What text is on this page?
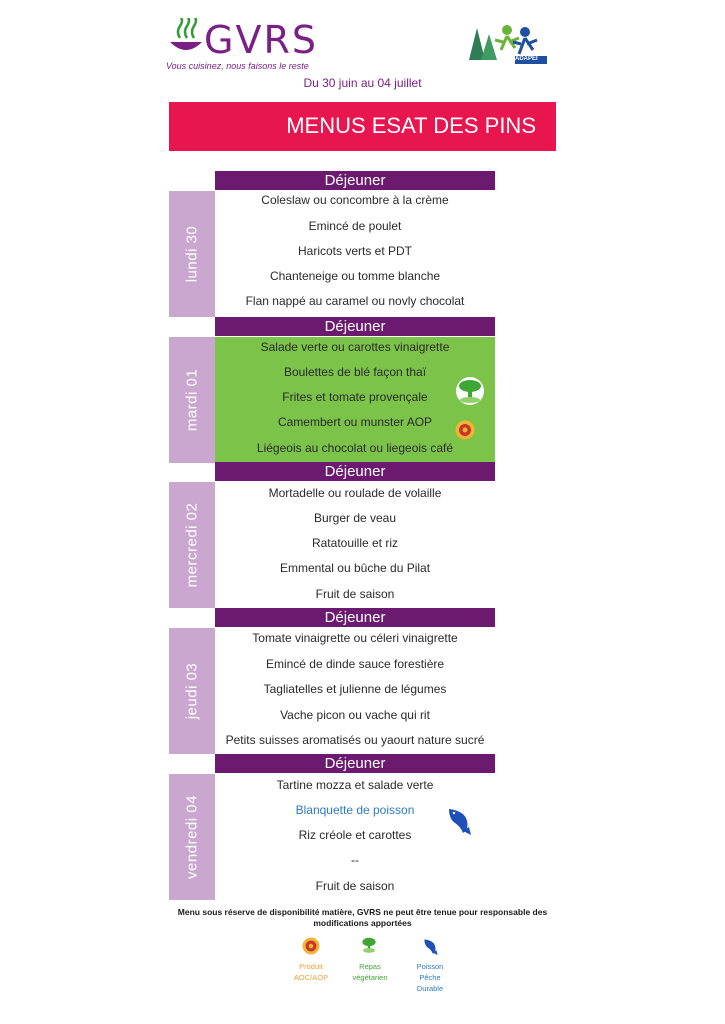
GVRS
Vous cuisinez, nous faisons le reste
ADAPEI
Du 30 juin au 04 juillet
MENUS ESAT DES PINS
lundi 30
mardi 01
mercredi 02
jeudi 03
vendredi 04
Déjeuner
Déjeuner
Déjeuner
Déjeuner
Déjeuner
Coleslaw ou concombre à la crème
Emincé de poulet
Haricots verts et PDT
Chanteneige ou tomme blanche
Flan nappé au caramel ou novly chocolat
Salade verte ou carottes vinaigrette
Boulettes de blé façon thaï
Frites et tomate provençale
Camembert ou munster AOP
Liégeois au chocolat ou liegeois café
Mortadelle ou roulade de volaille
Burger de veau
Ratatouille et riz
Emmental ou bûche du Pilat
Fruit de saison
Tomate vinaigrette ou céleri vinaigrette
Emincé de dinde sauce forestière
Tagliatelles et julienne de légumes
Vache picon ou vache qui rit
Petits suisses aromatisés ou yaourt nature sucré
Tartine mozza et salade verte
Blanquette de poisson
Riz créole et carottes
--
Fruit de saison
Menu sous réserve de disponibilité matière, GVRS ne peut être tenue pour responsable des modifications apportées
Produit
AOC/AOP
Repas
végétarien
Poisson
Pêche
Durable
